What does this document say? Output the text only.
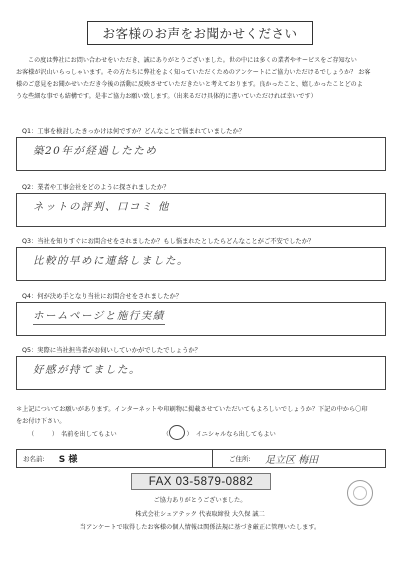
お客様のお声をお聞かせください
この度は弊社にお問い合わせをいただき、誠にありがとうございました。世の中には多くの業者やサービスをご存知ない
お客様が沢山いらっしゃいます。その方たちに弊社をよく知っていただくためのアンケートにご協力いただけるでしょうか？ お客
様のご意見をお聞かせいただき今後の活動に反映させていただきたいと考えております。良かったこと、嬉しかったことどのよ
うな些細な事でも結構です。是非ご協力お願い致します。（出来るだけ具体的に書いていただければ幸いです）
Q1：工事を検討したきっかけは何ですか？どんなことで悩まれていましたか？
築20年が経過したため
Q2：業者や工事会社をどのように探されましたか？
ネットの評判、口コミ 他
Q3：当社を知りすぐにお問合せをされましたか？もし悩まれたとしたらどんなことがご不安でしたか？
比較的早めに連絡しました。
Q4：何が決め手となり当社にお問合せをされましたか？
ホームページと施行実績
Q5：実際に当社担当者がお伺いしていかがでしたでしょうか？
好感が持てました。
＊上記についてお願いがあります。インターネットや印刷物に掲載させていただいてもよろしいでしょうか？下記の中から〇印
をお付け下さい。
（	） 名前を出してもよい	（ ○ ） イニシャルなら出してもよい
お名前: S 様	ご住所: 足立区 梅田
FAX 03-5879-0882
ご協力ありがとうございました。
株式会社シェアテック 代表取締役 大久保 誠二
当アンケートで取得したお客様の個人情報は関係法規に基づき厳正に管理いたします。
